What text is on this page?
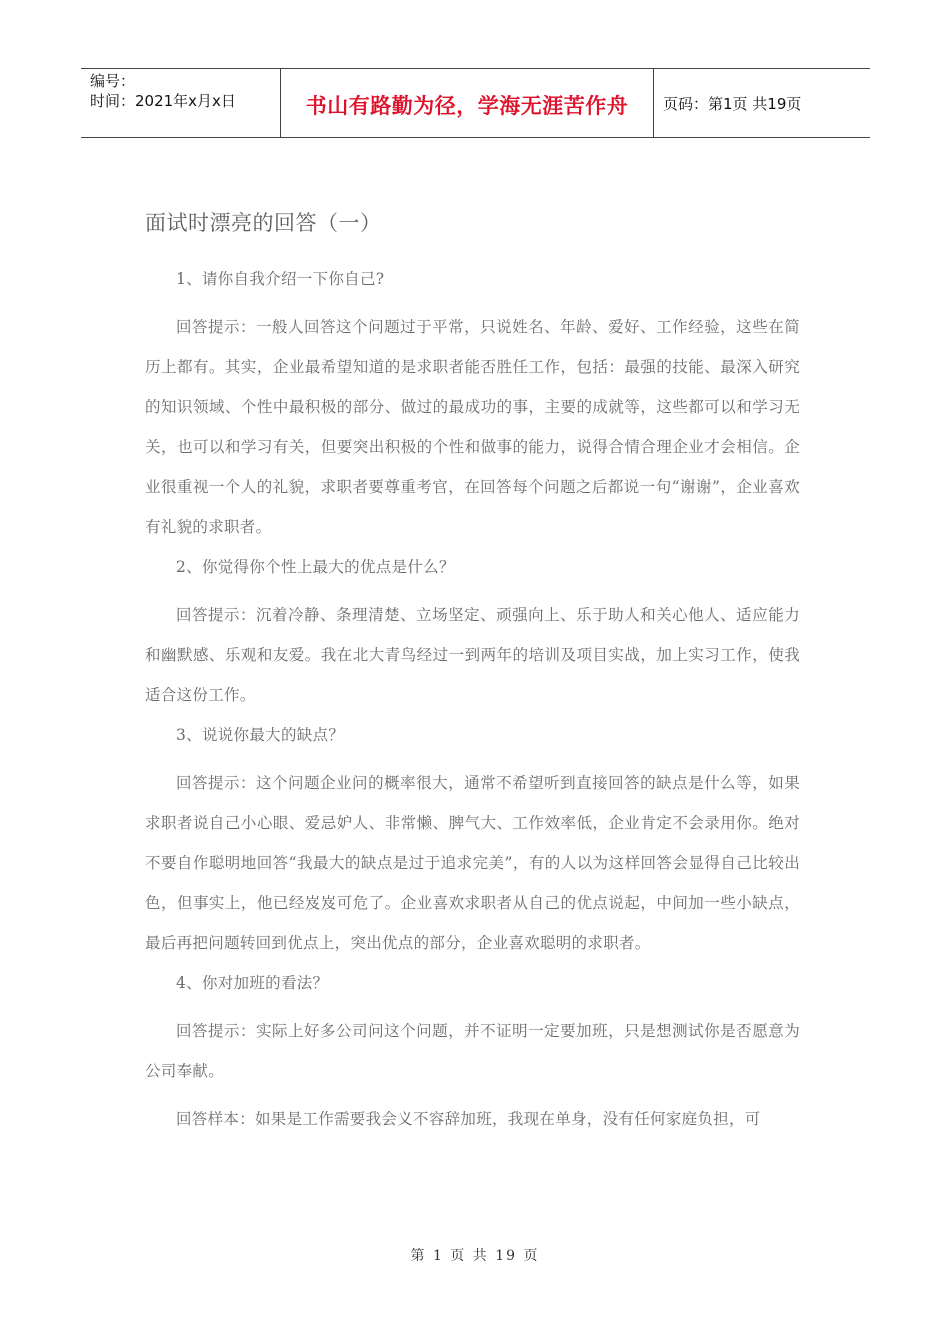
编号：
时间：2021年x月x日	书山有路勤为径，学海无涯苦作舟 页码：第1页 共19页
面试时漂亮的回答（一）

1、请你自我介绍一下你自己?

回答提示：一般人回答这个问题过于平常，只说姓名、年龄、爱好、工作经验，这些在简历上都有。其实，企业最希望知道的是求职者能否胜任工作，包括：最强的技能、最深入研究的知识领域、个性中最积极的部分、做过的最成功的事，主要的成就等，这些都可以和学习无关，也可以和学习有关，但要突出积极的个性和做事的能力，说得合情合理企业才会相信。企业很重视一个人的礼貌，求职者要尊重考官，在回答每个问题之后都说一句“谢谢”，企业喜欢有礼貌的求职者。

2、你觉得你个性上最大的优点是什么？

回答提示：沉着冷静、条理清楚、立场坚定、顽强向上、乐于助人和关心他人、适应能力和幽默感、乐观和友爱。我在北大青鸟经过一到两年的培训及项目实战，加上实习工作，使我适合这份工作。

3、说说你最大的缺点？

回答提示：这个问题企业问的概率很大，通常不希望听到直接回答的缺点是什么等，如果求职者说自己小心眼、爱忌妒人、非常懒、脾气大、工作效率低，企业肯定不会录用你。绝对不要自作聪明地回答“我最大的缺点是过于追求完美”，有的人以为这样回答会显得自己比较出色，但事实上，他已经岌岌可危了。企业喜欢求职者从自己的优点说起，中间加一些小缺点，最后再把问题转回到优点上，突出优点的部分，企业喜欢聪明的求职者。

4、你对加班的看法？

回答提示：实际上好多公司问这个问题，并不证明一定要加班，只是想测试你是否愿意为公司奉献。

回答样本：如果是工作需要我会义不容辞加班，我现在单身，没有任何家庭负担，可

第 1 页 共 19 页
